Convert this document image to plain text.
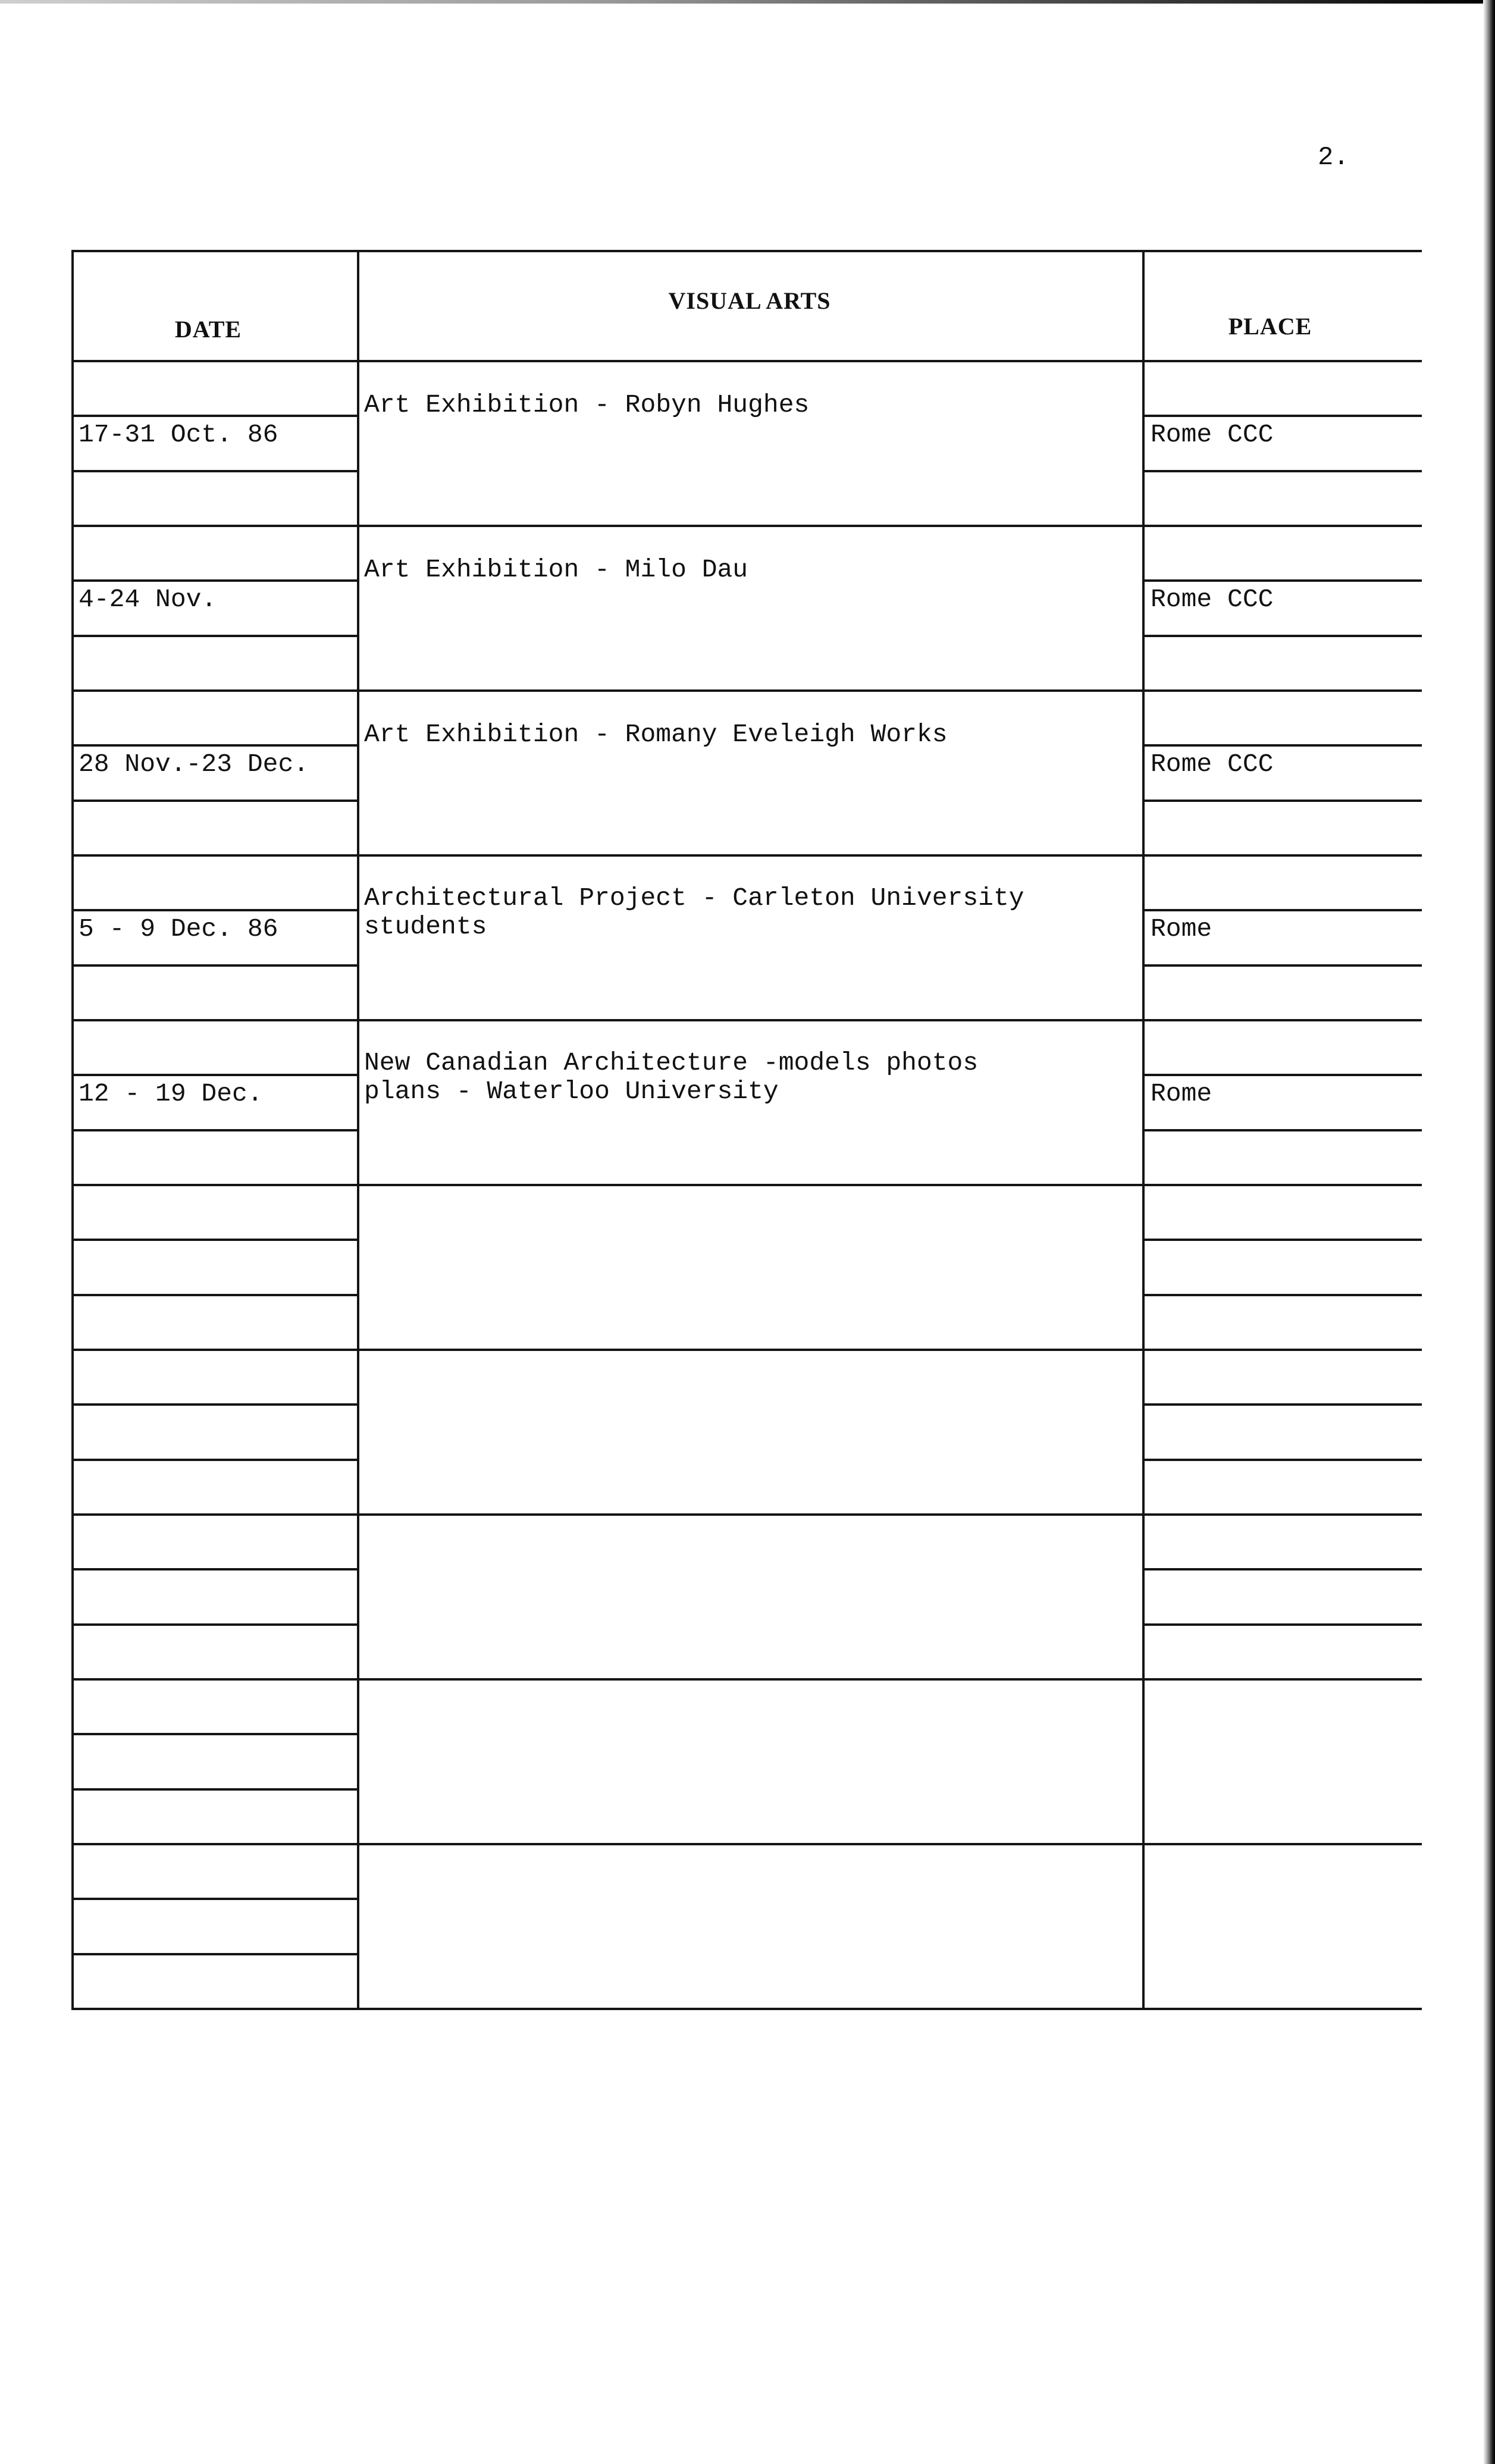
2.
DATE
VISUAL ARTS
PLACE
17-31 Oct. 86
Art Exhibition - Robyn Hughes
Rome CCC
4-24 Nov.
Art Exhibition - Milo Dau
Rome CCC
28 Nov.-23 Dec.
Art Exhibition - Romany Eveleigh Works
Rome CCC
5 - 9 Dec. 86
Architectural Project - Carleton University
students	Rome
12 - 19 Dec.
New Canadian Architecture -models photos
plans - Waterloo University	Rome
